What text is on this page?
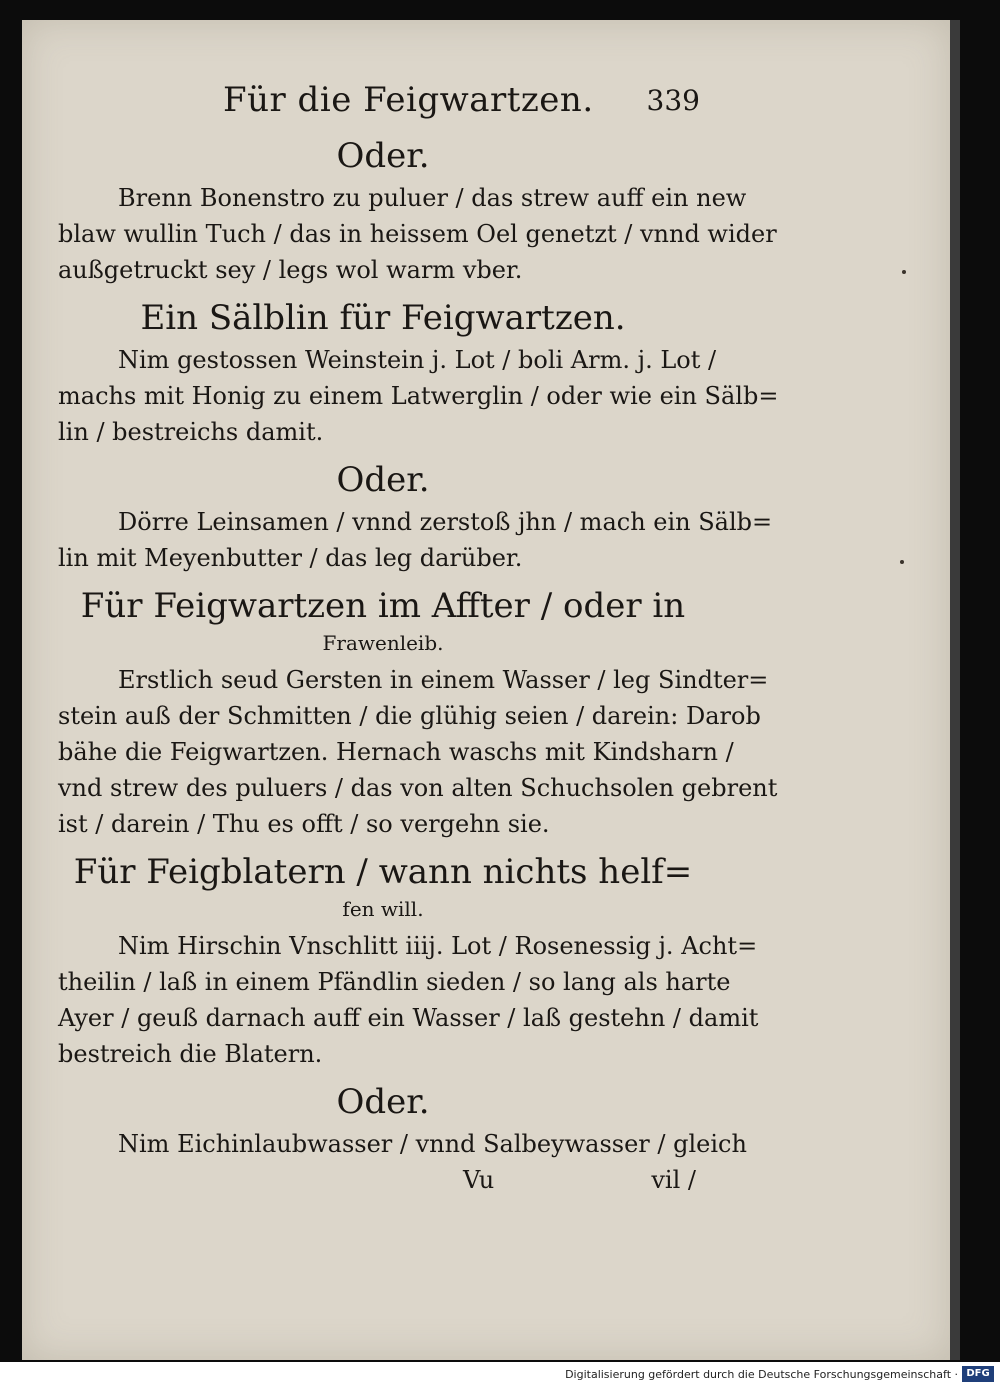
Für die Feigwartzen. 339
Oder.
Brenn Bonenstro zu puluer / das strew auff ein new
blaw wullin Tuch / das in heissem Oel genetzt / vnnd wider
außgetruckt sey / legs wol warm vber.
Ein Sälblin für Feigwartzen.
Nim gestossen Weinstein j. Lot / boli Arm. j. Lot /
machs mit Honig zu einem Latwerglin / oder wie ein Sälb=
lin / bestreichs damit.
Oder.
Dörre Leinsamen / vnnd zerstoß jhn / mach ein Sälb=
lin mit Meyenbutter / das leg darüber.
Für Feigwartzen im Affter / oder in
Frawenleib.
Erstlich seud Gersten in einem Wasser / leg Sindter=
stein auß der Schmitten / die glühig seien / darein: Darob
bähe die Feigwartzen. Hernach waschs mit Kindsharn /
vnd strew des puluers / das von alten Schuchsolen gebrent
ist / darein / Thu es offt / so vergehn sie.
Für Feigblatern / wann nichts helf=
fen will.
Nim Hirschin Vnschlitt iiij. Lot / Rosenessig j. Acht=
theilin / laß in einem Pfändlin sieden / so lang als harte
Ayer / geuß darnach auff ein Wasser / laß gestehn / damit
bestreich die Blatern.
Oder.
Nim Eichinlaubwasser / vnnd Salbeywasser / gleich
Vu	vil /
Digitalisierung gefördert durch die Deutsche Forschungsgemeinschaft · DFG
